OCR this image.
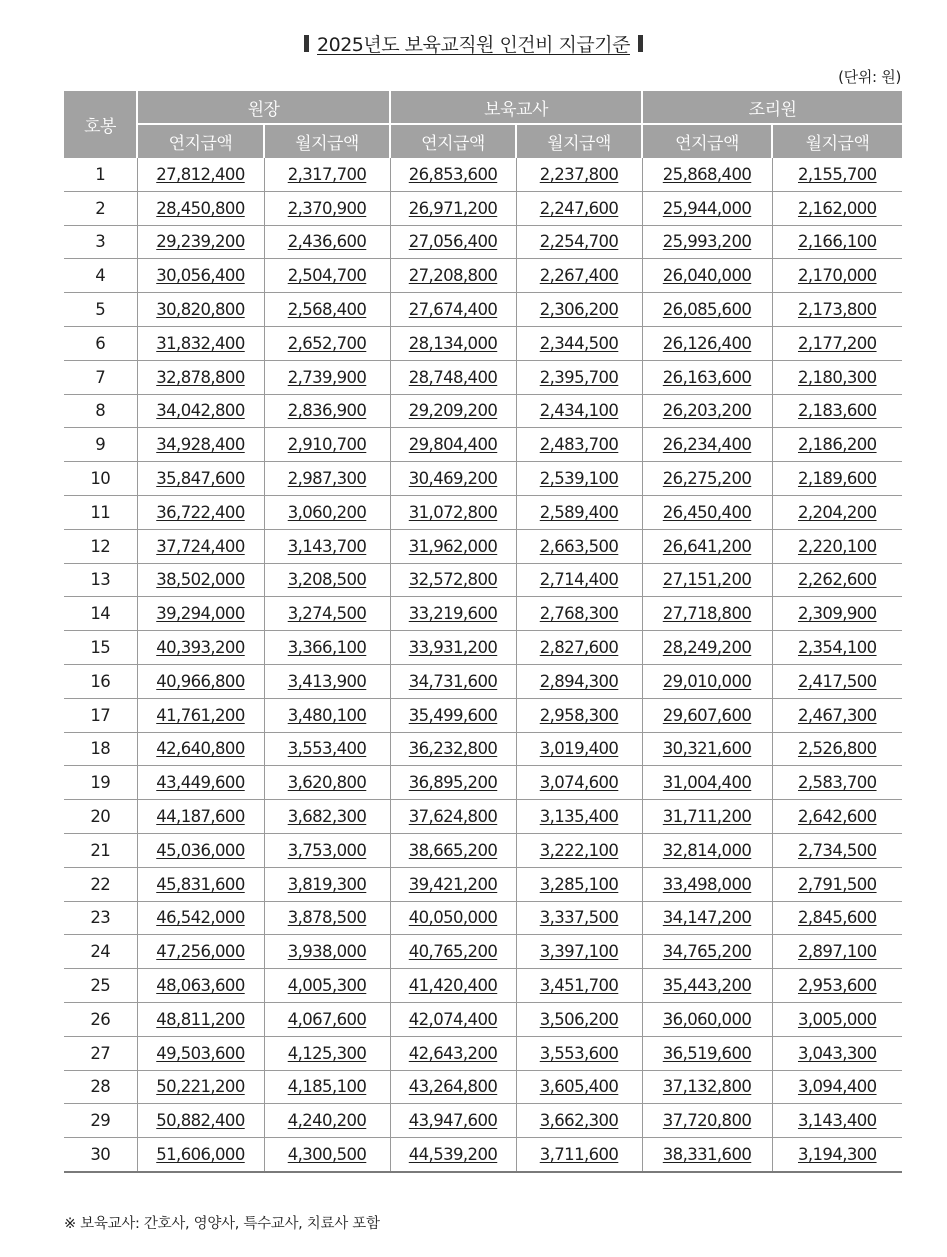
2025년도 보육교직원 인건비 지급기준
(단위: 원)
호봉	원장		보육교사		조리원	
	연지급액	월지급액	연지급액	월지급액	연지급액	월지급액
1	27,812,400	2,317,700	26,853,600	2,237,800	25,868,400	2,155,700
2	28,450,800	2,370,900	26,971,200	2,247,600	25,944,000	2,162,000
3	29,239,200	2,436,600	27,056,400	2,254,700	25,993,200	2,166,100
4	30,056,400	2,504,700	27,208,800	2,267,400	26,040,000	2,170,000
5	30,820,800	2,568,400	27,674,400	2,306,200	26,085,600	2,173,800
6	31,832,400	2,652,700	28,134,000	2,344,500	26,126,400	2,177,200
7	32,878,800	2,739,900	28,748,400	2,395,700	26,163,600	2,180,300
8	34,042,800	2,836,900	29,209,200	2,434,100	26,203,200	2,183,600
9	34,928,400	2,910,700	29,804,400	2,483,700	26,234,400	2,186,200
10	35,847,600	2,987,300	30,469,200	2,539,100	26,275,200	2,189,600
11	36,722,400	3,060,200	31,072,800	2,589,400	26,450,400	2,204,200
12	37,724,400	3,143,700	31,962,000	2,663,500	26,641,200	2,220,100
13	38,502,000	3,208,500	32,572,800	2,714,400	27,151,200	2,262,600
14	39,294,000	3,274,500	33,219,600	2,768,300	27,718,800	2,309,900
15	40,393,200	3,366,100	33,931,200	2,827,600	28,249,200	2,354,100
16	40,966,800	3,413,900	34,731,600	2,894,300	29,010,000	2,417,500
17	41,761,200	3,480,100	35,499,600	2,958,300	29,607,600	2,467,300
18	42,640,800	3,553,400	36,232,800	3,019,400	30,321,600	2,526,800
19	43,449,600	3,620,800	36,895,200	3,074,600	31,004,400	2,583,700
20	44,187,600	3,682,300	37,624,800	3,135,400	31,711,200	2,642,600
21	45,036,000	3,753,000	38,665,200	3,222,100	32,814,000	2,734,500
22	45,831,600	3,819,300	39,421,200	3,285,100	33,498,000	2,791,500
23	46,542,000	3,878,500	40,050,000	3,337,500	34,147,200	2,845,600
24	47,256,000	3,938,000	40,765,200	3,397,100	34,765,200	2,897,100
25	48,063,600	4,005,300	41,420,400	3,451,700	35,443,200	2,953,600
26	48,811,200	4,067,600	42,074,400	3,506,200	36,060,000	3,005,000
27	49,503,600	4,125,300	42,643,200	3,553,600	36,519,600	3,043,300
28	50,221,200	4,185,100	43,264,800	3,605,400	37,132,800	3,094,400
29	50,882,400	4,240,200	43,947,600	3,662,300	37,720,800	3,143,400
30	51,606,000	4,300,500	44,539,200	3,711,600	38,331,600	3,194,300
※ 보육교사: 간호사, 영양사, 특수교사, 치료사 포함
